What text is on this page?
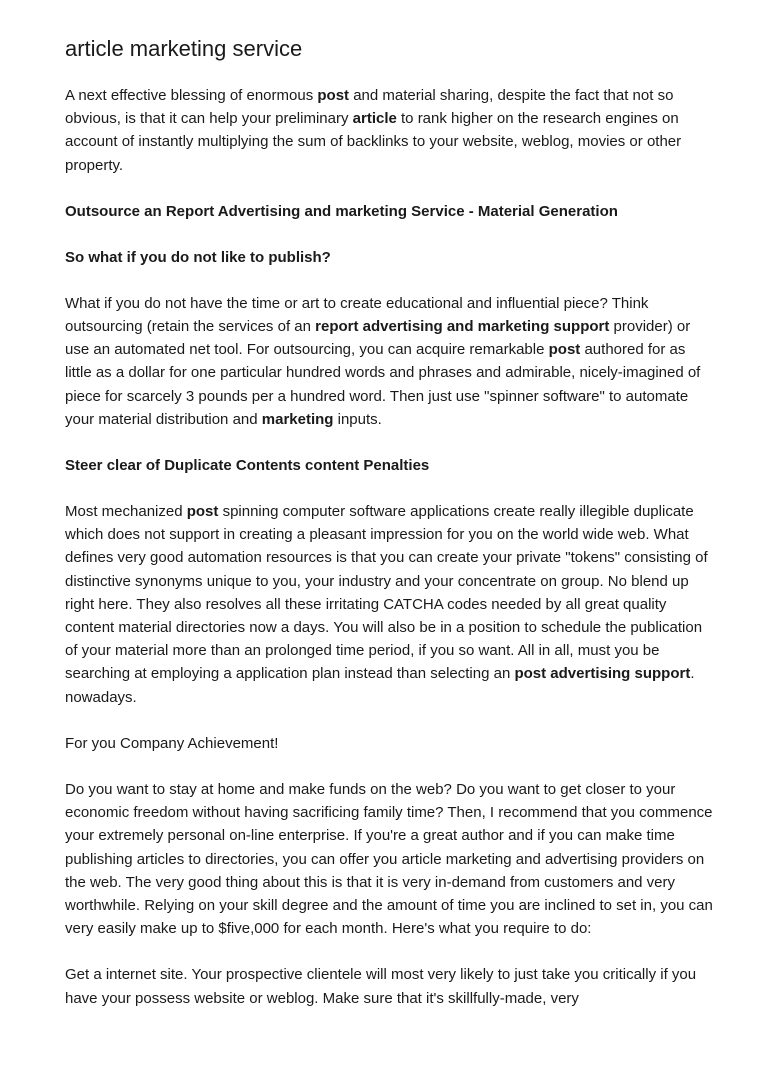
article marketing service

A next effective blessing of enormous post and material sharing, despite the fact that not so obvious, is that it can help your preliminary article to rank higher on the research engines on account of instantly multiplying the sum of backlinks to your website, weblog, movies or other property.

Outsource an Report Advertising and marketing Service - Material Generation

So what if you do not like to publish?

What if you do not have the time or art to create educational and influential piece? Think outsourcing (retain the services of an report advertising and marketing support provider) or use an automated net tool. For outsourcing, you can acquire remarkable post authored for as little as a dollar for one particular hundred words and phrases and admirable, nicely-imagined of piece for scarcely 3 pounds per a hundred word. Then just use "spinner software" to automate your material distribution and marketing inputs.

Steer clear of Duplicate Contents content Penalties

Most mechanized post spinning computer software applications create really illegible duplicate which does not support in creating a pleasant impression for you on the world wide web. What defines very good automation resources is that you can create your private "tokens" consisting of distinctive synonyms unique to you, your industry and your concentrate on group. No blend up right here. They also resolves all these irritating CATCHA codes needed by all great quality content material directories now a days. You will also be in a position to schedule the publication of your material more than an prolonged time period, if you so want. All in all, must you be searching at employing a application plan instead than selecting an post advertising support. nowadays.

For you Company Achievement!

Do you want to stay at home and make funds on the web? Do you want to get closer to your economic freedom without having sacrificing family time? Then, I recommend that you commence your extremely personal on-line enterprise. If you're a great author and if you can make time publishing articles to directories, you can offer you article marketing and advertising providers on the web. The very good thing about this is that it is very in-demand from customers and very worthwhile. Relying on your skill degree and the amount of time you are inclined to set in, you can very easily make up to $five,000 for each month. Here's what you require to do:

Get a internet site. Your prospective clientele will most very likely to just take you critically if you have your possess website or weblog. Make sure that it's skillfully-made, very
